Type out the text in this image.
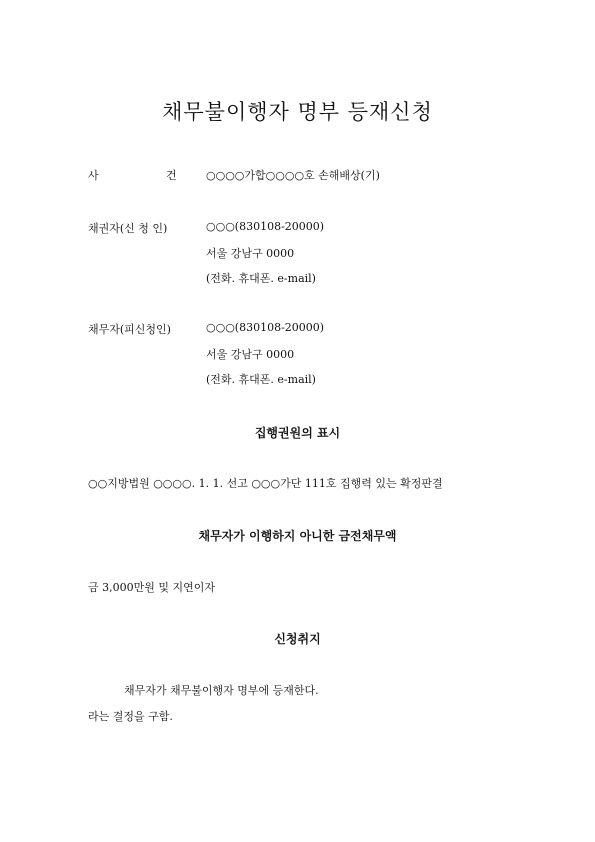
채무불이행자 명부 등재신청
사	건	○○○○가합○○○○호 손해배상(기)
채권자(신 청 인)	○○○(830108-20000)
서울 강남구 0000
(전화. 휴대폰. e-mail)
채무자(피신청인)	○○○(830108-20000)
서울 강남구 0000
(전화. 휴대폰. e-mail)
집행권원의 표시
○○지방법원 ○○○○. 1. 1. 선고 ○○○가단 111호 집행력 있는 확정판결
채무자가 이행하지 아니한 금전채무액
금 3,000만원 및 지연이자
신청취지
채무자가 채무불이행자 명부에 등재한다.
라는 결정을 구함.
